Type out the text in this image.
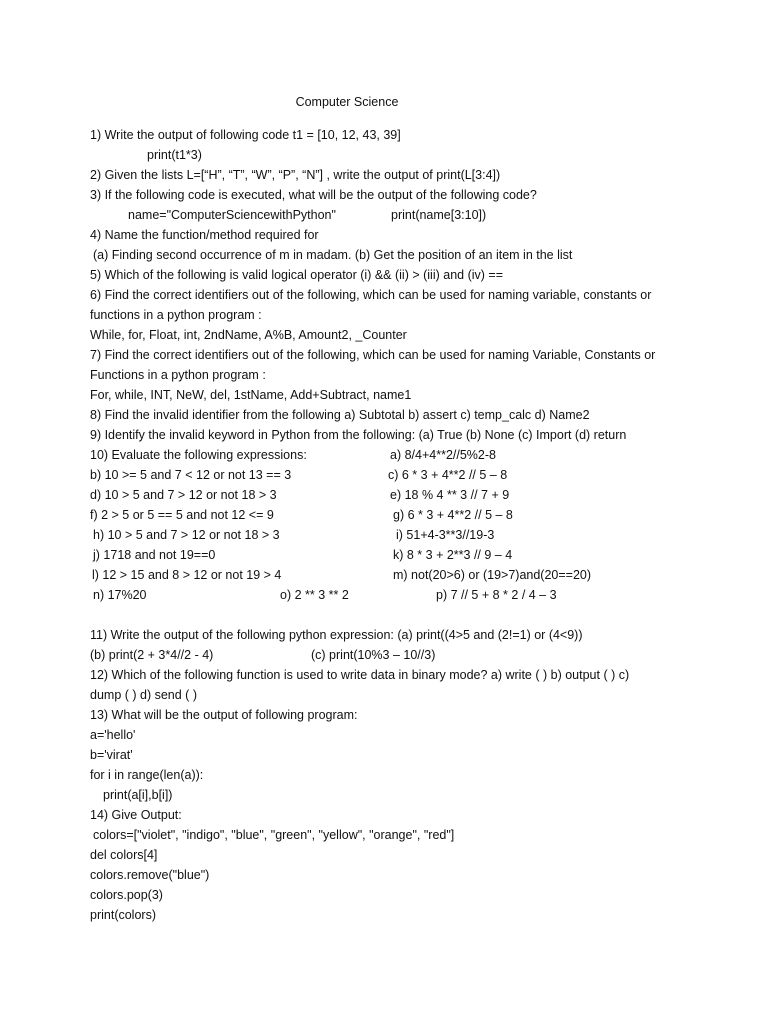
Computer Science
1) Write the output of following code t1 = [10, 12, 43, 39]
print(t1*3)
2) Given the lists L=[“H”, “T”, “W”, “P”, “N”] , write the output of print(L[3:4])
3) If the following code is executed, what will be the output of the following code?
name="ComputerSciencewithPython"	print(name[3:10])
4) Name the function/method required for
(a) Finding second occurrence of m in madam. (b) Get the position of an item in the list
5) Which of the following is valid logical operator (i) && (ii) > (iii) and (iv) ==
6) Find the correct identifiers out of the following, which can be used for naming variable, constants or
functions in a python program :
While, for, Float, int, 2ndName, A%B, Amount2, _Counter
7) Find the correct identifiers out of the following, which can be used for naming Variable, Constants or
Functions in a python program :
For, while, INT, NeW, del, 1stName, Add+Subtract, name1
8) Find the invalid identifier from the following a) Subtotal b) assert c) temp_calc d) Name2
9) Identify the invalid keyword in Python from the following: (a) True (b) None (c) Import (d) return
10) Evaluate the following expressions:	a) 8/4+4**2//5%2-8
b) 10 >= 5 and 7 < 12 or not 13 == 3	c) 6 * 3 + 4**2 // 5 – 8
d) 10 > 5 and 7 > 12 or not 18 > 3	e) 18 % 4 ** 3 // 7 + 9
f) 2 > 5 or 5 == 5 and not 12 <= 9	g) 6 * 3 + 4**2 // 5 – 8
h) 10 > 5 and 7 > 12 or not 18 > 3	i) 51+4-3**3//19-3
j) 1718 and not 19==0	k) 8 * 3 + 2**3 // 9 – 4
l) 12 > 15 and 8 > 12 or not 19 > 4	m) not(20>6) or (19>7)and(20==20)
n) 17%20	o) 2 ** 3 ** 2	p) 7 // 5 + 8 * 2 / 4 – 3
11) Write the output of the following python expression: (a) print((4>5 and (2!=1) or (4<9))
(b) print(2 + 3*4//2 - 4)	(c) print(10%3 – 10//3)
12) Which of the following function is used to write data in binary mode? a) write ( ) b) output ( ) c)
dump ( ) d) send ( )
13) What will be the output of following program:
a='hello'
b='virat'
for i in range(len(a)):
print(a[i],b[i])
14) Give Output:
colors=["violet", "indigo", "blue", "green", "yellow", "orange", "red"]
del colors[4]
colors.remove("blue")
colors.pop(3)
print(colors)
